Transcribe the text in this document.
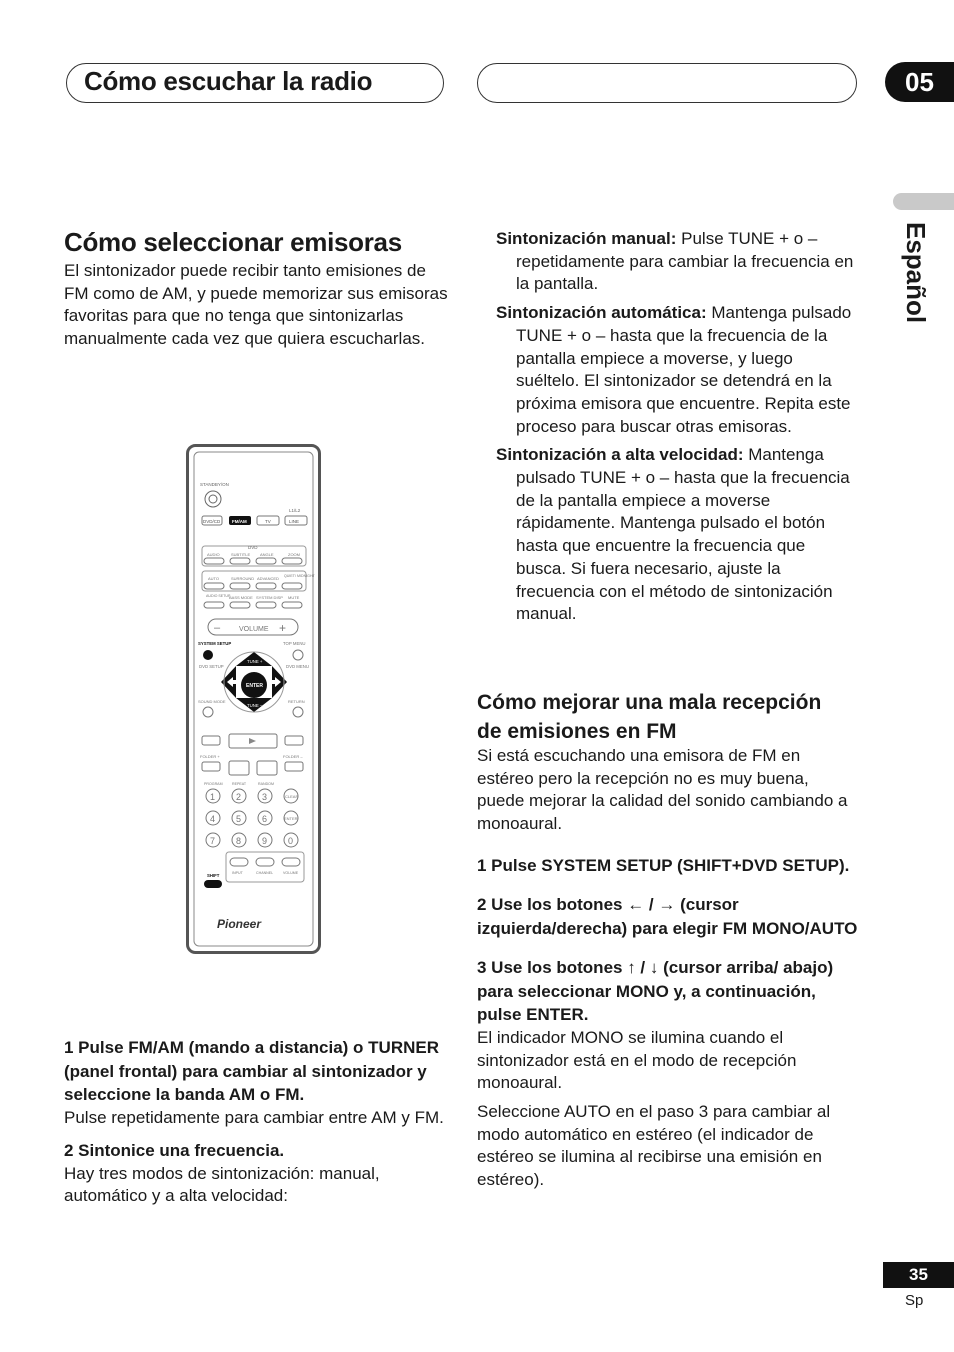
Cómo escuchar la radio	05
Español
Cómo seleccionar emisoras

El sintonizador puede recibir tanto emisiones de FM como de AM, y puede memorizar sus emisoras favoritas para que no tenga que sintonizarlas manualmente cada vez que quiera escucharlas.

STANDBY/ON
L1/L2
DVD/CD	FM/AM	TV	LINE
DVD
AUDIO	SUBTITLE ANGLE	ZOOM
AUTO	SURROUND ADVANCED QUIET/ MIDNIGHT
AUDIO SETUP
BASS MODE SYSTEM DISP MUTE
–	VOLUME +
SYSTEM SETUP	TOP MENU
DVD SETUP	DVD MENU
ENTER
TUNE +
TUNE –
SOUND MODE	RETURN
FOLDER +	FOLDER –
PROGRAM	REPEAT	RANDOM
1 2 3	CLEAR
4 5 6	ENTER
7 8 9 0
INPUT	CHANNEL	VOLUME
SHIFT
Pioneer

1 Pulse FM/AM (mando a distancia) o TURNER (panel frontal) para cambiar al sintonizador y seleccione la banda AM o FM.

Pulse repetidamente para cambiar entre AM y FM.

2 Sintonice una frecuencia.

Hay tres modos de sintonización: manual, automático y a alta velocidad:

Sintonización manual: Pulse TUNE + o – repetidamente para cambiar la frecuencia en la pantalla.

Sintonización automática: Mantenga pulsado TUNE + o – hasta que la frecuencia de la pantalla empiece a moverse, y luego suéltelo. El sintonizador se detendrá en la próxima emisora que encuentre. Repita este proceso para buscar otras emisoras.

Sintonización a alta velocidad: Mantenga pulsado TUNE + o – hasta que la frecuencia de la pantalla empiece a moverse rápidamente. Mantenga pulsado el botón hasta que encuentre la frecuencia que busca. Si fuera necesario, ajuste la frecuencia con el método de sintonización manual.

Cómo mejorar una mala recepción de emisiones en FM

Si está escuchando una emisora de FM en estéreo pero la recepción no es muy buena, puede mejorar la calidad del sonido cambiando a monoaural.

1 Pulse SYSTEM SETUP (SHIFT+DVD SETUP).

2 Use los botones ← / → (cursor izquierda/derecha) para elegir FM MONO/AUTO

3 Use los botones ↑ / ↓ (cursor arriba/ abajo) para seleccionar MONO y, a continuación, pulse ENTER.

El indicador MONO se ilumina cuando el sintonizador está en el modo de recepción monoaural.

Seleccione AUTO en el paso 3 para cambiar al modo automático en estéreo (el indicador de estéreo se ilumina al recibirse una emisión en estéreo).

35
Sp
